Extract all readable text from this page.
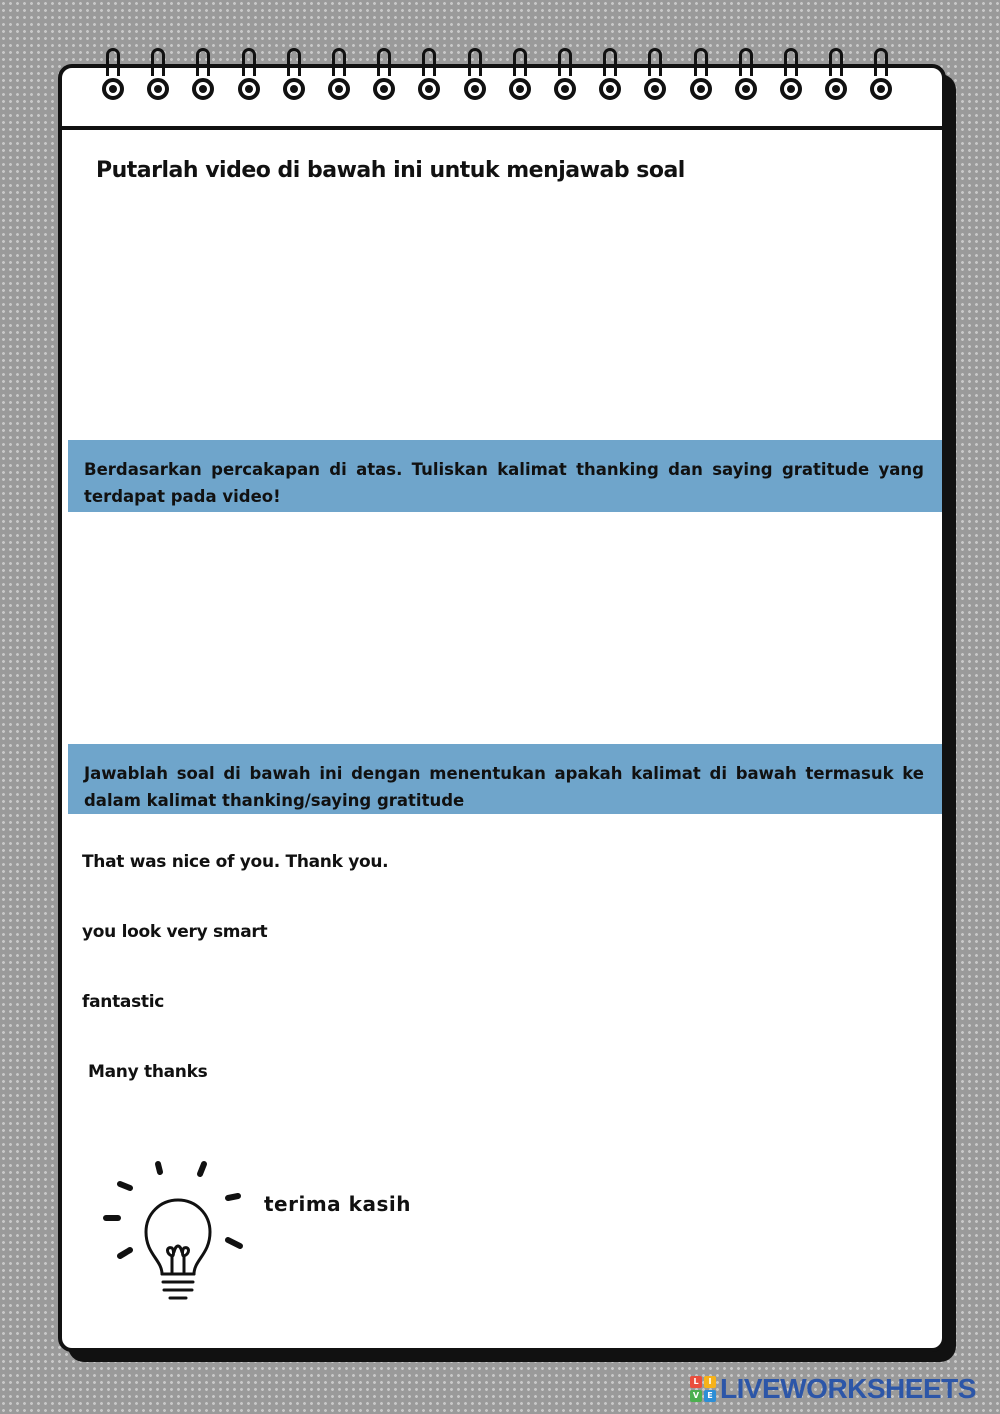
Putarlah video di bawah ini untuk menjawab soal
Berdasarkan percakapan di atas. Tuliskan kalimat thanking dan saying gratitude yang terdapat pada video!
Jawablah soal di bawah ini dengan menentukan apakah kalimat di bawah termasuk ke dalam kalimat thanking/saying gratitude

That was nice of you. Thank you.

you look very smart

fantastic

Many thanks

terima kasih
L	I
V	E LIVEWORKSHEETS
